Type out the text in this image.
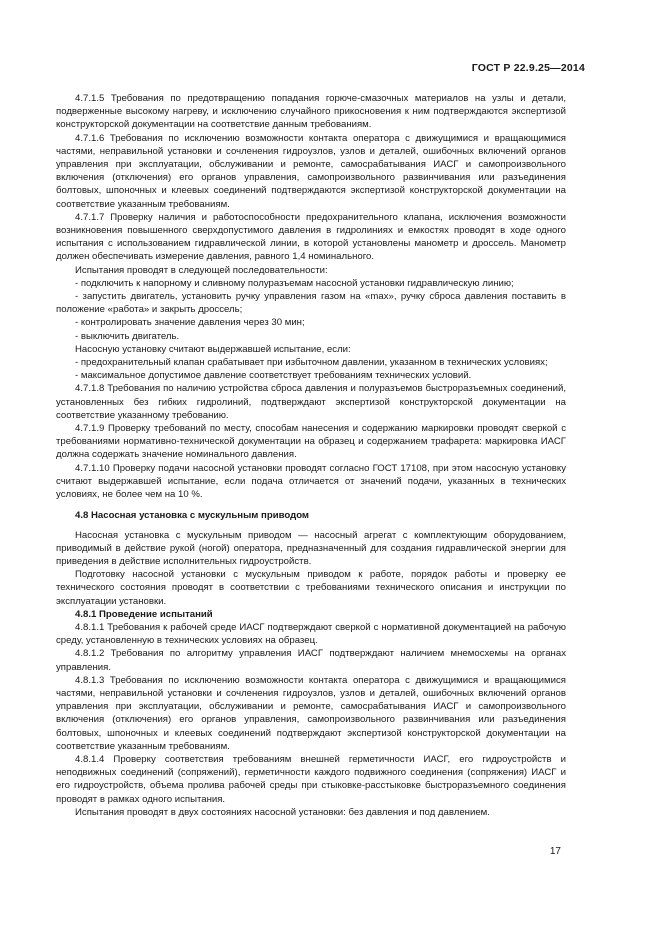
ГОСТ Р 22.9.25—2014

4.7.1.5 Требования по предотвращению попадания горюче-смазочных материалов на узлы и детали, подверженные высокому нагреву, и исключению случайного прикосновения к ним подтверждаются экспертизой конструкторской документации на соответствие данным требованиям.

4.7.1.6 Требования по исключению возможности контакта оператора с движущимися и вращающимися частями, неправильной установки и сочленения гидроузлов, узлов и деталей, ошибочных включений органов управления при эксплуатации, обслуживании и ремонте, самосрабатывания ИАСГ и самопроизвольного включения (отключения) его органов управления, самопроизвольного развинчивания или разъединения болтовых, шпоночных и клеевых соединений подтверждаются экспертизой конструкторской документации на соответствие указанным требованиям.

4.7.1.7 Проверку наличия и работоспособности предохранительного клапана, исключения возможности возникновения повышенного сверхдопустимого давления в гидролиниях и емкостях проводят в ходе одного испытания с использованием гидравлической линии, в которой установлены манометр и дроссель. Манометр должен обеспечивать измерение давления, равного 1,4 номинального.

Испытания проводят в следующей последовательности:

- подключить к напорному и сливному полуразъемам насосной установки гидравлическую линию;

- запустить двигатель, установить ручку управления газом на «max», ручку сброса давления поставить в положение «работа» и закрыть дроссель;

- контролировать значение давления через 30 мин;

- выключить двигатель.

Насосную установку считают выдержавшей испытание, если:

- предохранительный клапан срабатывает при избыточном давлении, указанном в технических условиях;

- максимальное допустимое давление соответствует требованиям технических условий.

4.7.1.8 Требования по наличию устройства сброса давления и полуразъемов быстроразъемных соединений, установленных без гибких гидролиний, подтверждают экспертизой конструкторской документации на соответствие указанному требованию.

4.7.1.9 Проверку требований по месту, способам нанесения и содержанию маркировки проводят сверкой с требованиями нормативно-технической документации на образец и содержанием трафарета: маркировка ИАСГ должна содержать значение номинального давления.

4.7.1.10 Проверку подачи насосной установки проводят согласно ГОСТ 17108, при этом насосную установку считают выдержавшей испытание, если подача отличается от значений подачи, указанных в технических условиях, не более чем на 10 %.

4.8 Насосная установка с мускульным приводом

Насосная установка с мускульным приводом — насосный агрегат с комплектующим оборудованием, приводимый в действие рукой (ногой) оператора, предназначенный для создания гидравлической энергии для приведения в действие исполнительных гидроустройств.

Подготовку насосной установки с мускульным приводом к работе, порядок работы и проверку ее технического состояния проводят в соответствии с требованиями технического описания и инструкции по эксплуатации установки.

4.8.1 Проведение испытаний

4.8.1.1 Требования к рабочей среде ИАСГ подтверждают сверкой с нормативной документацией на рабочую среду, установленную в технических условиях на образец.

4.8.1.2 Требования по алгоритму управления ИАСГ подтверждают наличием мнемосхемы на органах управления.

4.8.1.3 Требования по исключению возможности контакта оператора с движущимися и вращающимися частями, неправильной установки и сочленения гидроузлов, узлов и деталей, ошибочных включений органов управления при эксплуатации, обслуживании и ремонте, самосрабатывания ИАСГ и самопроизвольного включения (отключения) его органов управления, самопроизвольного развинчивания или разъединения болтовых, шпоночных и клеевых соединений подтверждают экспертизой конструкторской документации на соответствие указанным требованиям.

4.8.1.4 Проверку соответствия требованиям внешней герметичности ИАСГ, его гидроустройств и неподвижных соединений (сопряжений), герметичности каждого подвижного соединения (сопряжения) ИАСГ и его гидроустройств, объема пролива рабочей среды при стыковке-расстыковке быстроразъемного соединения проводят в рамках одного испытания.

Испытания проводят в двух состояниях насосной установки: без давления и под давлением.

17
